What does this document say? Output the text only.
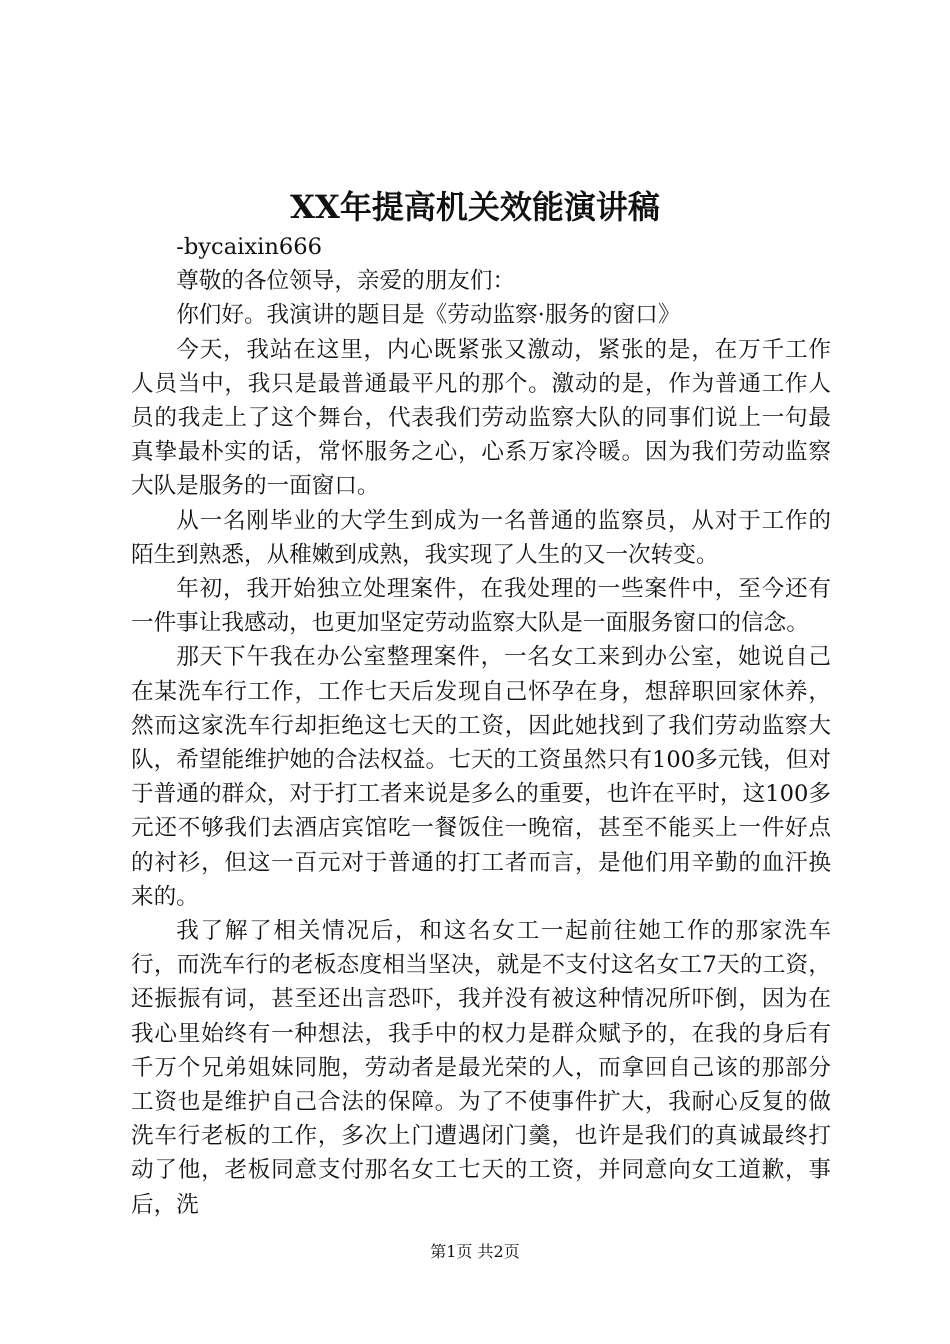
XX年提高机关效能演讲稿

-bycaixin666

尊敬的各位领导，亲爱的朋友们：

你们好。我演讲的题目是《劳动监察·服务的窗口》

今天，我站在这里，内心既紧张又激动，紧张的是，在万千工作人员当中，我只是最普通最平凡的那个。激动的是，作为普通工作人员的我走上了这个舞台，代表我们劳动监察大队的同事们说上一句最真挚最朴实的话，常怀服务之心，心系万家冷暖。因为我们劳动监察大队是服务的一面窗口。

从一名刚毕业的大学生到成为一名普通的监察员，从对于工作的陌生到熟悉，从稚嫩到成熟，我实现了人生的又一次转变。

年初，我开始独立处理案件，在我处理的一些案件中，至今还有一件事让我感动，也更加坚定劳动监察大队是一面服务窗口的信念。

那天下午我在办公室整理案件，一名女工来到办公室，她说自己在某洗车行工作，工作七天后发现自己怀孕在身，想辞职回家休养，然而这家洗车行却拒绝这七天的工资，因此她找到了我们劳动监察大队，希望能维护她的合法权益。七天的工资虽然只有100多元钱，但对于普通的群众，对于打工者来说是多么的重要，也许在平时，这100多元还不够我们去酒店宾馆吃一餐饭住一晚宿，甚至不能买上一件好点的衬衫，但这一百元对于普通的打工者而言，是他们用辛勤的血汗换来的。

我了解了相关情况后，和这名女工一起前往她工作的那家洗车行，而洗车行的老板态度相当坚决，就是不支付这名女工7天的工资，还振振有词，甚至还出言恐吓，我并没有被这种情况所吓倒，因为在我心里始终有一种想法，我手中的权力是群众赋予的，在我的身后有千万个兄弟姐妹同胞，劳动者是最光荣的人，而拿回自己该的那部分工资也是维护自己合法的保障。为了不使事件扩大，我耐心反复的做洗车行老板的工作，多次上门遭遇闭门羹，也许是我们的真诚最终打动了他，老板同意支付那名女工七天的工资，并同意向女工道歉，事后，洗

第1页 共2页
